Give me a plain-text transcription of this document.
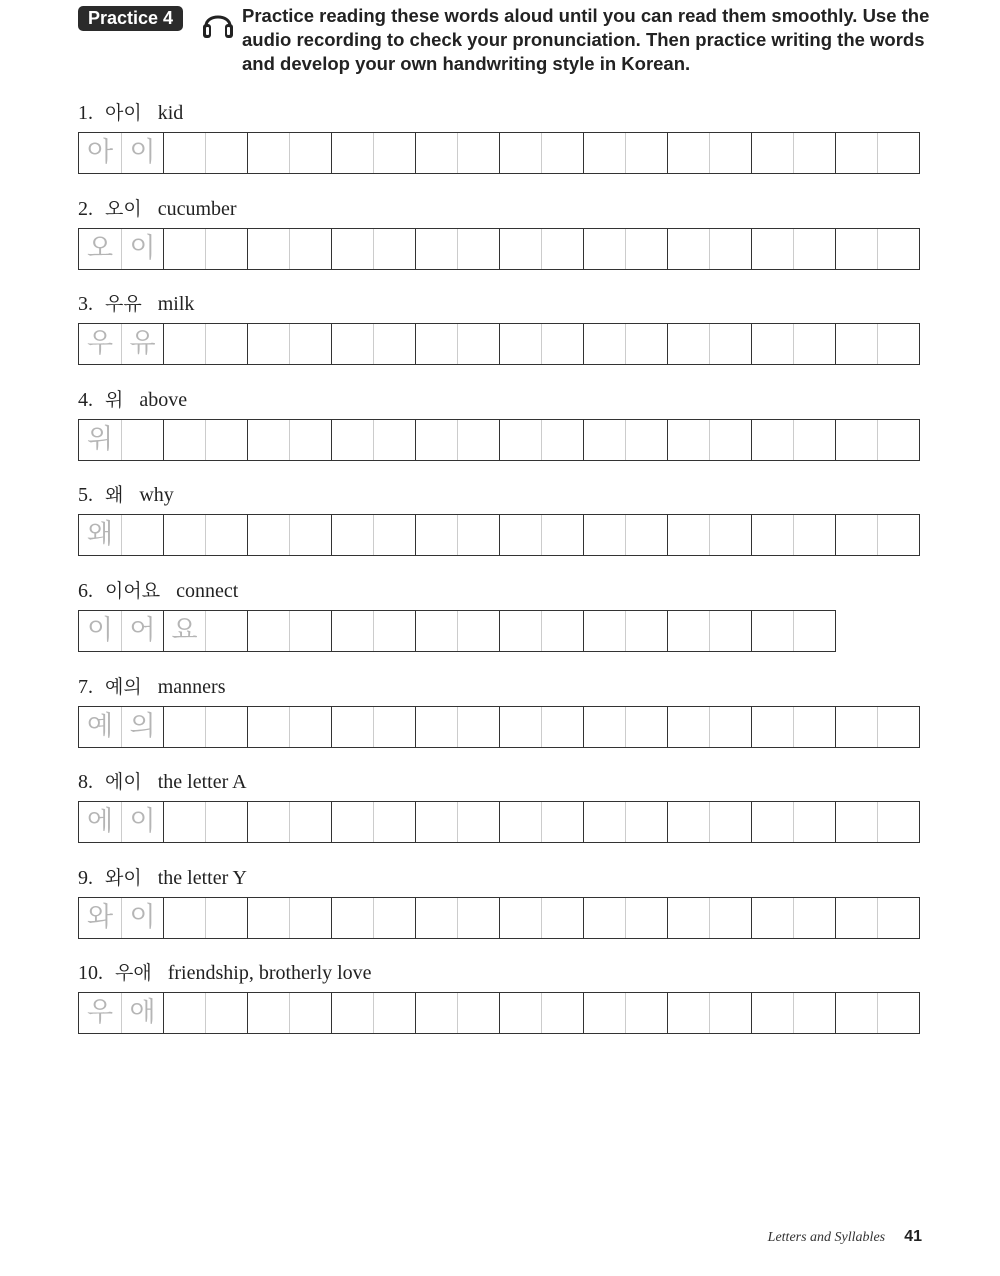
Practice 4	Practice reading these words aloud until you can read them smoothly. Use the audio recording to check your pronunciation. Then practice writing the words and develop your own handwriting style in Korean.
1. 아이 kid
아 이
2. 오이 cucumber
오 이
3. 우유 milk
우 유
4. 위 above
위
5. 왜 why
왜
6. 이어요 connect
이 어 요
7. 예의 manners
예 의
8. 에이 the letter A
에 이
9. 와이 the letter Y
와 이
10. 우애 friendship, brotherly love
우 애
Letters and Syllables 41
